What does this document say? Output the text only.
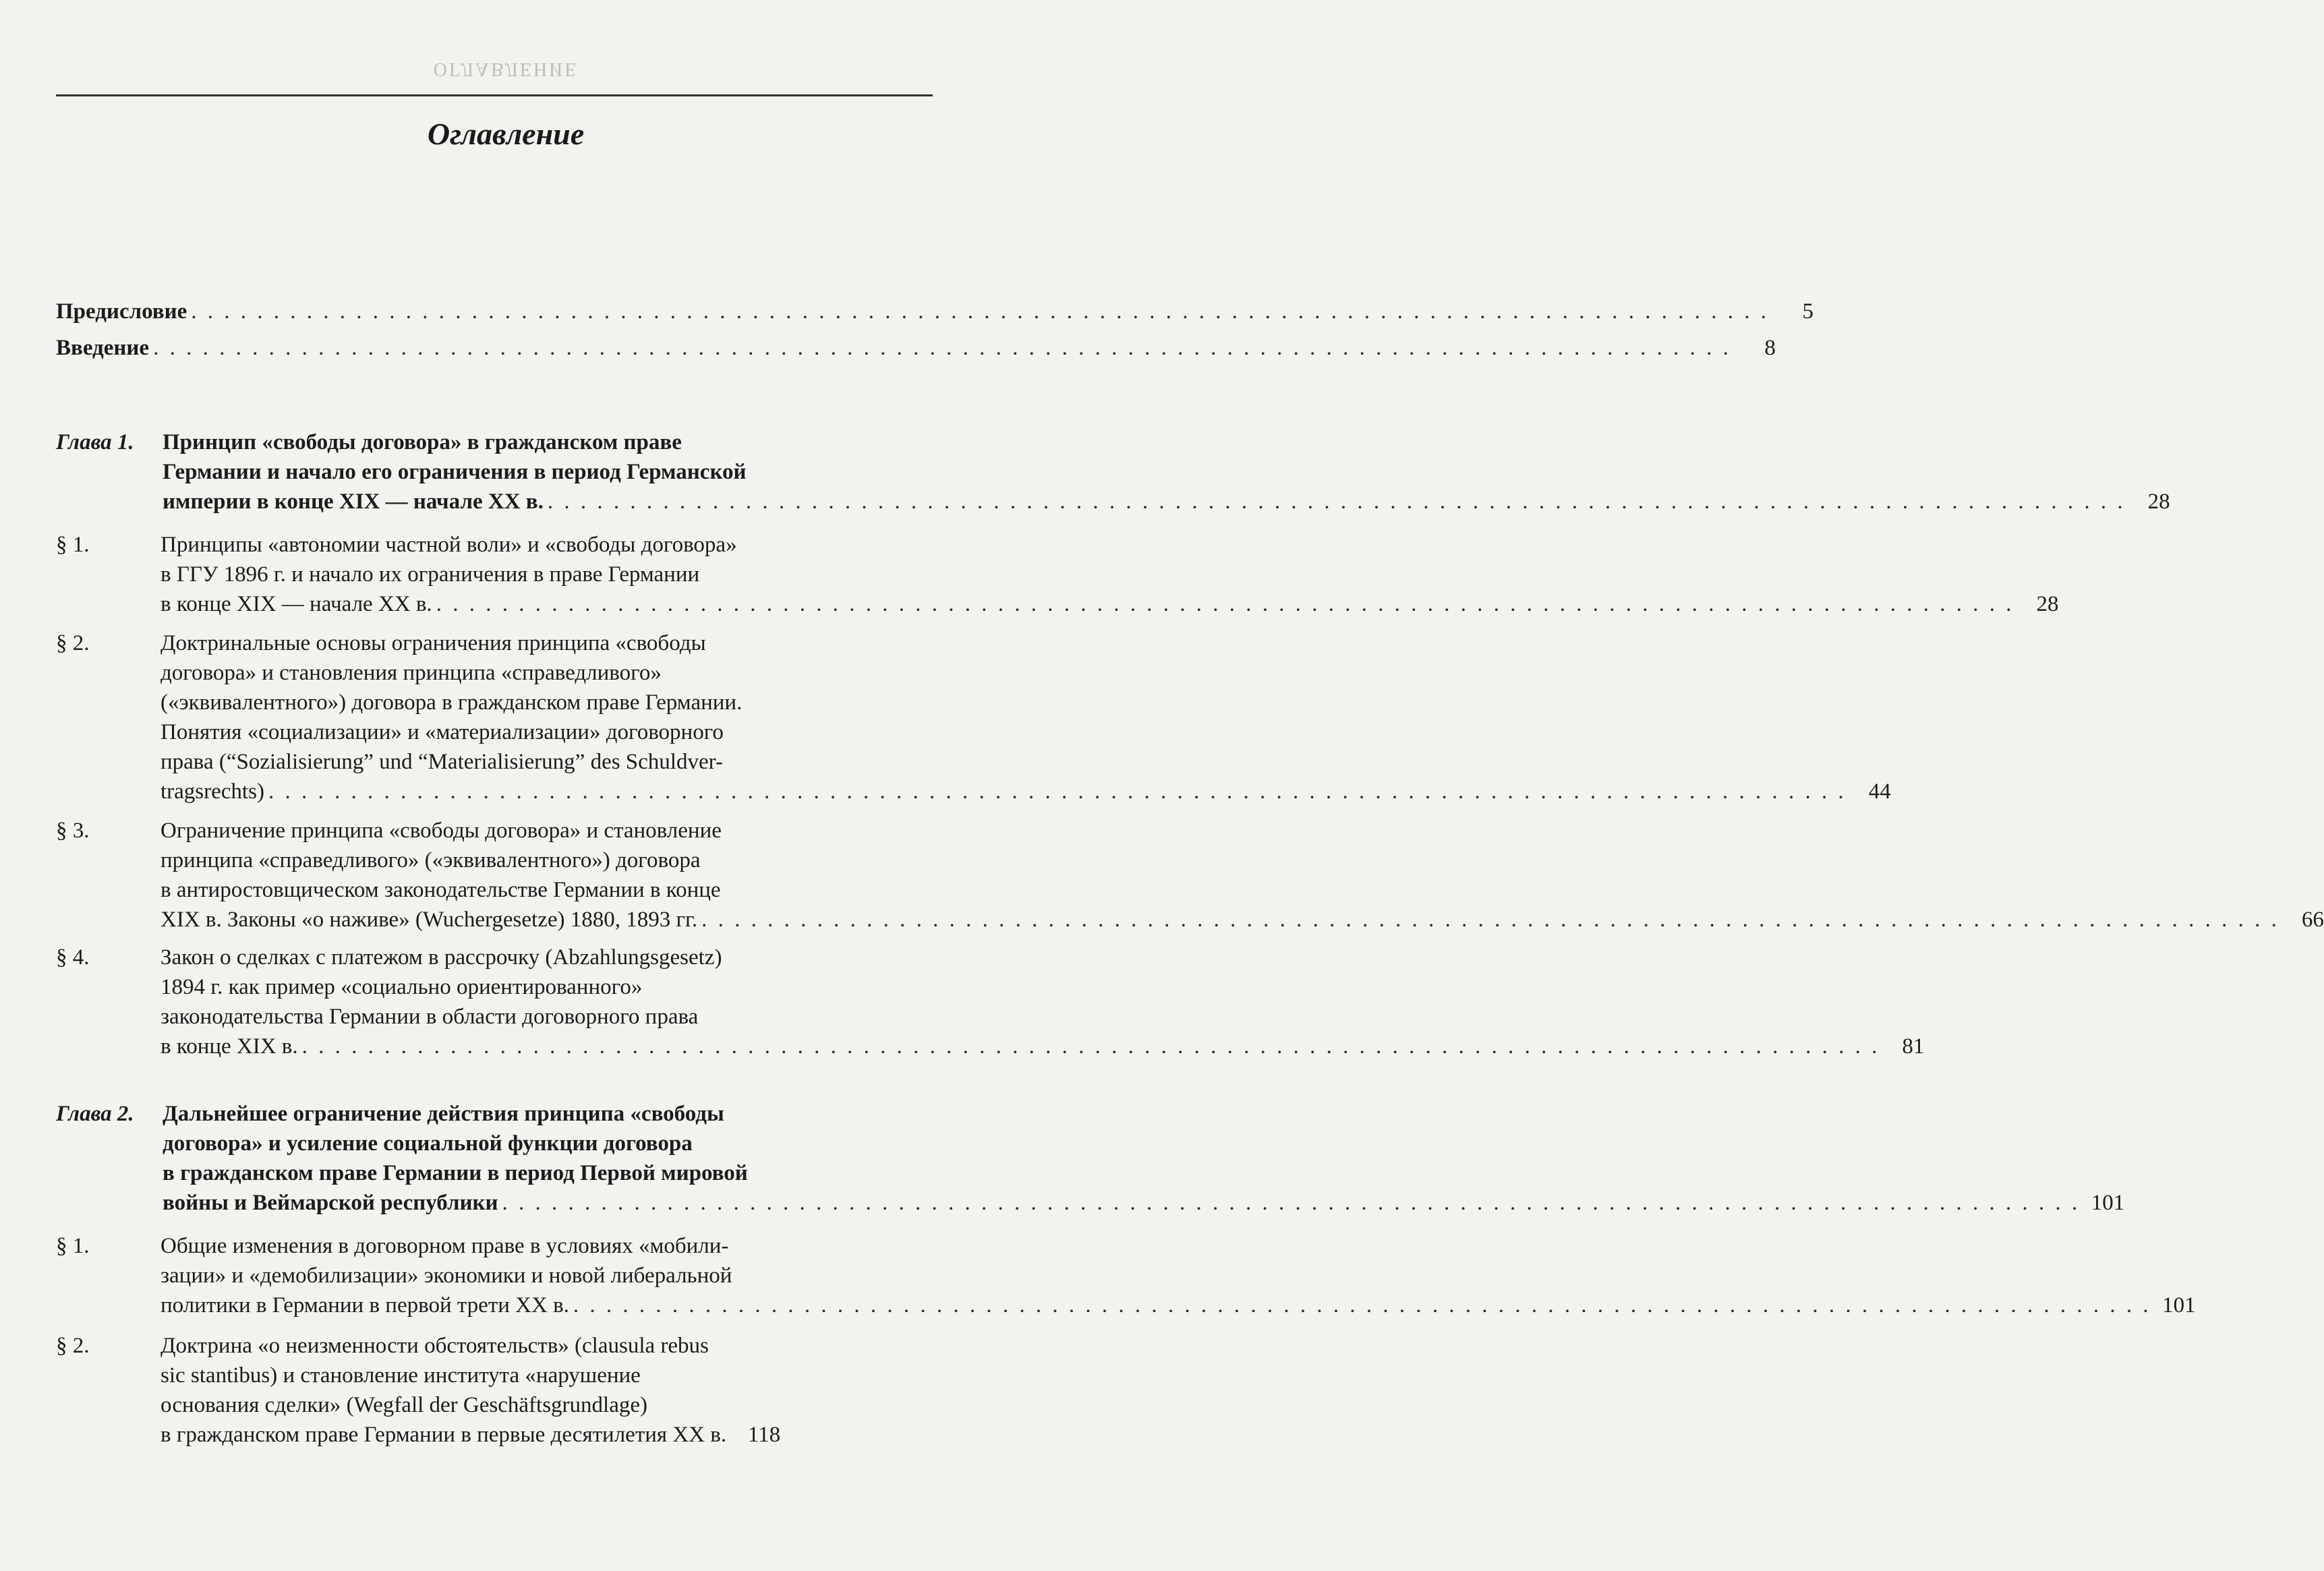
ОГЛАВЛЕНИЕ
Оглавление
Предисловие . . .	5
Введение . . .	8
Глава 1.	Принцип «свободы договора» в гражданском праве
Германии и начало его ограничения в период Германской
империи в конце XIX — начале XX в. . . .	28
§ 1.	Принципы «автономии частной воли» и «свободы договора»
в ГГУ 1896 г. и начало их ограничения в праве Германии
в конце XIX — начале XX в. . . .	28
§ 2.	Доктринальные основы ограничения принципа «свободы
договора» и становления принципа «справедливого»
(«эквивалентного») договора в гражданском праве Германии.
Понятия «социализации» и «материализации» договорного
права (“Sozialisierung” und “Materialisierung” des Schuldver-
tragsrechts) . . .	44
§ 3.	Ограничение принципа «свободы договора» и становление
принципа «справедливого» («эквивалентного») договора
в антиростовщическом законодательстве Германии в конце
XIX в. Законы «о наживе» (Wuchergesetze) 1880, 1893 гг. . . .	66
§ 4.	Закон о сделках с платежом в рассрочку (Abzahlungsgesetz)
1894 г. как пример «социально ориентированного»
законодательства Германии в области договорного права
в конце XIX в. . . .	81
Глава 2.	Дальнейшее ограничение действия принципа «свободы
договора» и усиление социальной функции договора
в гражданском праве Германии в период Первой мировой
войны и Веймарской республики . . .	101
§ 1.	Общие изменения в договорном праве в условиях «мобили-
зации» и «демобилизации» экономики и новой либеральной
политики в Германии в первой трети XX в. . . .	101
§ 2.	Доктрина «о неизменности обстоятельств» (clausula rebus
sic stantibus) и становление института «нарушение
основания сделки» (Wegfall der Geschäftsgrundlage)
в гражданском праве Германии в первые десятилетия XX в. 118
